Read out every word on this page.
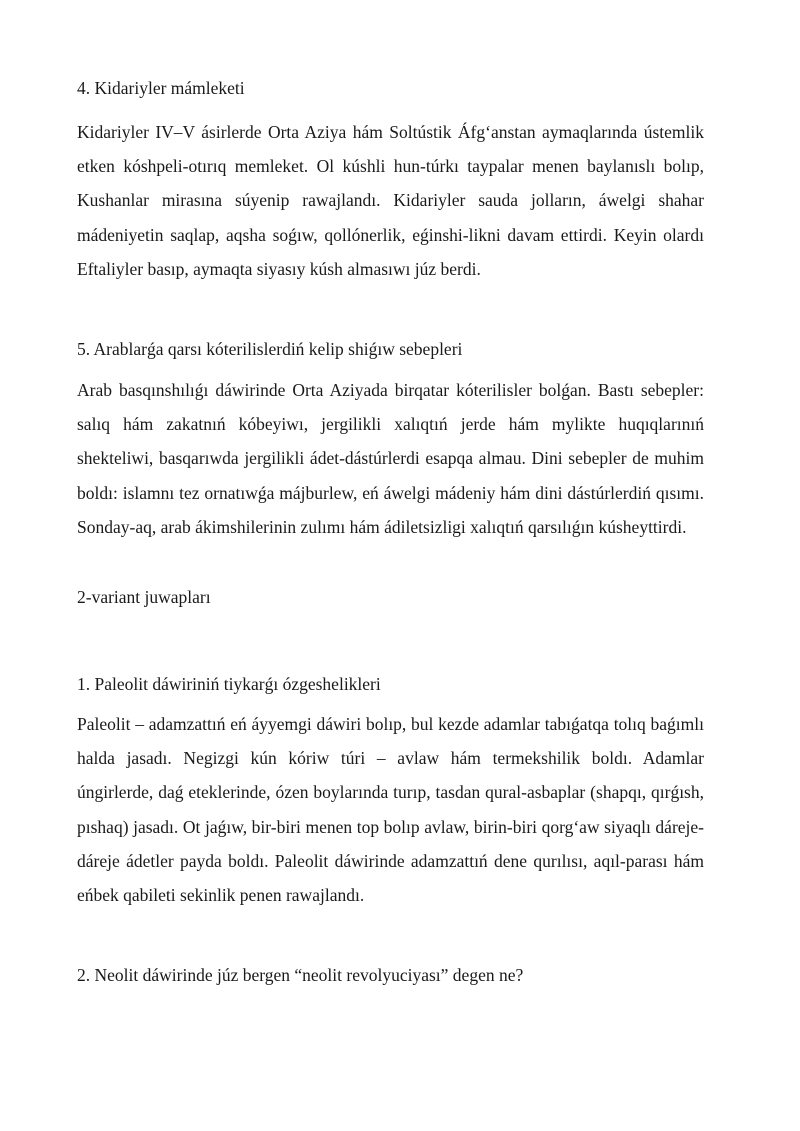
4. Kidariyler mámleketi
Kidariyler IV–V ásirlerde Orta Aziya hám Soltústik Áfg‘anstan aymaqlarında ústemlik etken kóshpeli-otırıq memleket. Ol kúshli hun-túrkı taypalar menen baylanıslı bolıp, Kushanlar mirasına súyenip rawajlandı. Kidariyler sauda jolların, áwelgi shahar mádeniyetin saqlap, aqsha soǵıw, qollónerlik, eǵinshi-likni davam ettirdi. Keyin olardı Eftaliyler basıp, aymaqta siyasıy kúsh almasıwı júz berdi.
5. Arablarǵa qarsı kóterilislerdiń kelip shiǵıw sebepleri
Arab basqınshılıǵı dáwirinde Orta Aziyada birqatar kóterilisler bolǵan. Bastı sebepler: salıq hám zakatnıń kóbeyiwı, jergilikli xalıqtıń jerde hám mylikte huqıqlarınıń shekteliwi, basqarıwda jergilikli ádet-dástúrlerdi esapqa almau. Dini sebepler de muhim boldı: islamnı tez ornatıwǵa májburlew, eń áwelgi mádeniy hám dini dástúrlerdiń qısımı. Sonday-aq, arab ákimshilerinin zulımı hám ádiletsizligi xalıqtıń qarsılıǵın kúsheyttirdi.
2-variant juwapları
1. Paleolit dáwiriniń tiykarǵı ózgeshelikleri
Paleolit – adamzattıń eń áyyemgi dáwiri bolıp, bul kezde adamlar tabıǵatqa tolıq baǵımlı halda jasadı. Negizgi kún kóriw túri – avlaw hám termekshilik boldı. Adamlar úngirlerde, daǵ eteklerinde, ózen boylarında turıp, tasdan qural-asbaplar (shapqı, qırǵısh, pıshaq) jasadı. Ot jaǵıw, bir-biri menen top bolıp avlaw, birin-biri qorg‘aw siyaqlı dáreje-dáreje ádetler payda boldı. Paleolit dáwirinde adamzattıń dene qurılısı, aqıl-parası hám eńbek qabileti sekinlik penen rawajlandı.
2. Neolit dáwirinde júz bergen “neolit revolyuciyası” degen ne?
